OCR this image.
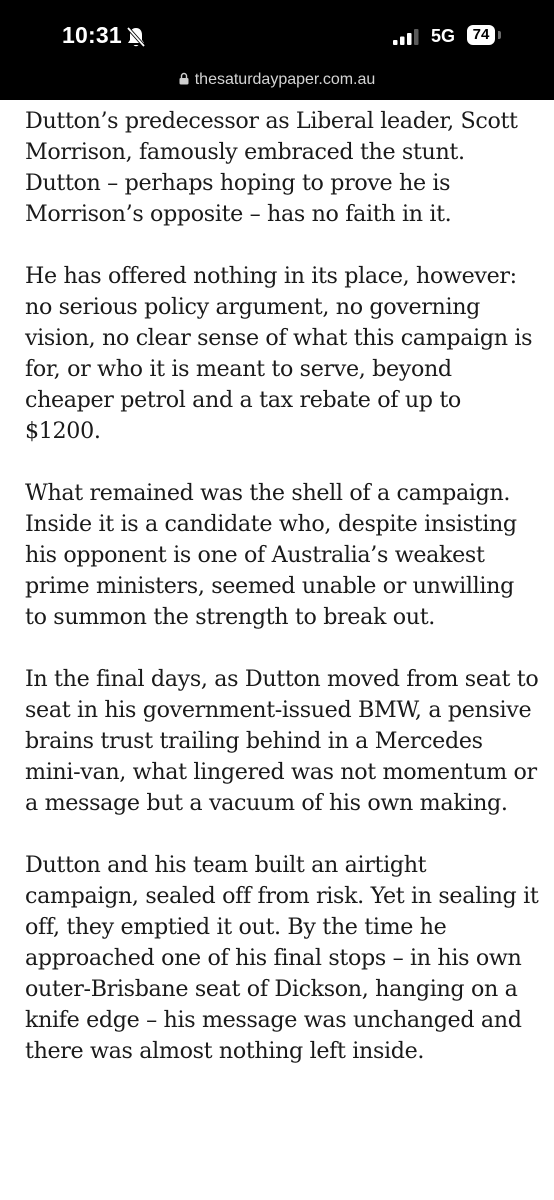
10:31	5G	74
thesaturdaypaper.com.au

Dutton’s predecessor as Liberal leader, Scott Morrison, famously embraced the stunt. Dutton – perhaps hoping to prove he is Morrison’s opposite – has no faith in it.

He has offered nothing in its place, however: no serious policy argument, no governing vision, no clear sense of what this campaign is for, or who it is meant to serve, beyond cheaper petrol and a tax rebate of up to $1200.

What remained was the shell of a campaign. Inside it is a candidate who, despite insisting his opponent is one of Australia’s weakest prime ministers, seemed unable or unwilling to summon the strength to break out.

In the final days, as Dutton moved from seat to seat in his government-issued BMW, a pensive brains trust trailing behind in a Mercedes mini-van, what lingered was not momentum or a message but a vacuum of his own making.

Dutton and his team built an airtight campaign, sealed off from risk. Yet in sealing it off, they emptied it out. By the time he approached one of his final stops – in his own outer-Brisbane seat of Dickson, hanging on a knife edge – his message was unchanged and there was almost nothing left inside.
